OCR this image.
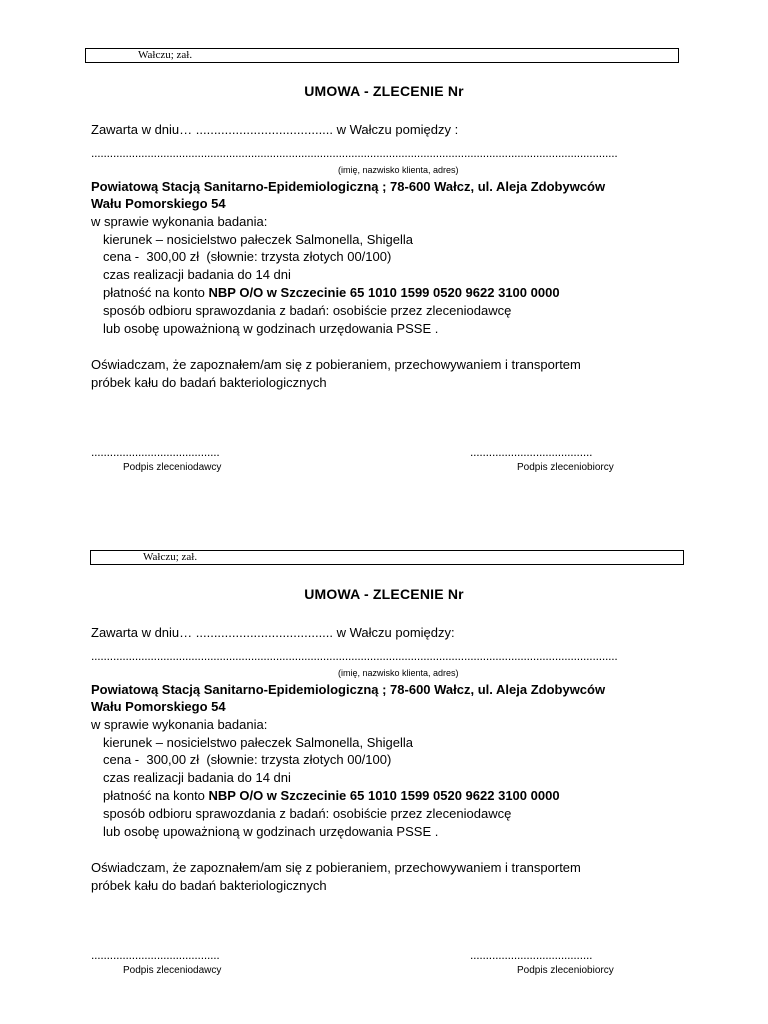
Wałczu; zał.
UMOWA - ZLECENIE Nr
Zawarta w dniu… ...................................... w Wałczu pomiędzy :
........................................................................................................................................................................
(imię, nazwisko klienta, adres)
Powiatową Stacją Sanitarno-Epidemiologiczną ; 78-600 Wałcz, ul. Aleja Zdobywców
Wału Pomorskiego 54
w sprawie wykonania badania:
kierunek – nosicielstwo pałeczek Salmonella, Shigella
cena -  300,00 zł  (słownie: trzysta złotych 00/100)
czas realizacji badania do 14 dni
płatność na konto NBP O/O w Szczecinie 65 1010 1599 0520 9622 3100 0000
sposób odbioru sprawozdania z badań: osobiście przez zleceniodawcę
lub osobę upoważnioną w godzinach urzędowania PSSE .
Oświadczam, że zapoznałem/am się z pobieraniem, przechowywaniem i transportem
próbek kału do badań bakteriologicznych
.........................................	.......................................
Podpis zleceniodawcy	Podpis zleceniobiorcy
Wałczu; zał.
UMOWA - ZLECENIE Nr
Zawarta w dniu… ...................................... w Wałczu pomiędzy:
........................................................................................................................................................................
(imię, nazwisko klienta, adres)
Powiatową Stacją Sanitarno-Epidemiologiczną ; 78-600 Wałcz, ul. Aleja Zdobywców
Wału Pomorskiego 54
w sprawie wykonania badania:
kierunek – nosicielstwo pałeczek Salmonella, Shigella
cena -  300,00 zł  (słownie: trzysta złotych 00/100)
czas realizacji badania do 14 dni
płatność na konto NBP O/O w Szczecinie 65 1010 1599 0520 9622 3100 0000
sposób odbioru sprawozdania z badań: osobiście przez zleceniodawcę
lub osobę upoważnioną w godzinach urzędowania PSSE .
Oświadczam, że zapoznałem/am się z pobieraniem, przechowywaniem i transportem
próbek kału do badań bakteriologicznych
.........................................	.......................................
Podpis zleceniodawcy	Podpis zleceniobiorcy
